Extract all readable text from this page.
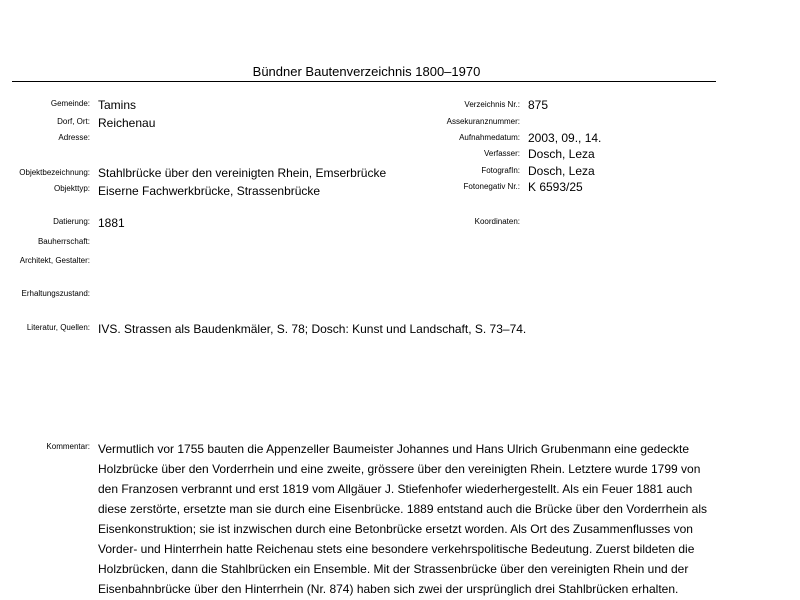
Bündner Bautenverzeichnis 1800–1970
Gemeinde:
Dorf, Ort:
Adresse:
Objektbezeichnung:
Objekttyp:
Datierung:
Bauherrschaft:
Architekt, Gestalter:
Erhaltungszustand:
Literatur, Quellen:
Kommentar:
Tamins
Reichenau
Stahlbrücke über den vereinigten Rhein, Emserbrücke
Eiserne Fachwerkbrücke, Strassenbrücke
1881
IVS. Strassen als Baudenkmäler, S. 78; Dosch: Kunst und Landschaft, S. 73–74.
Verzeichnis Nr.:
Assekuranznummer:
Aufnahmedatum:
Verfasser:
FotografIn:
Fotonegativ Nr.:
Koordinaten:
875
2003, 09., 14.
Dosch, Leza
Dosch, Leza
K 6593/25
Vermutlich vor 1755 bauten die Appenzeller Baumeister Johannes und Hans Ulrich Grubenmann eine gedeckte Holzbrücke über den Vorderrhein und eine zweite, grössere über den vereinigten Rhein. Letztere wurde 1799 von den Franzosen verbrannt und erst 1819 vom Allgäuer J. Stiefenhofer wiederhergestellt. Als ein Feuer 1881 auch diese zerstörte, ersetzte man sie durch eine Eisenbrücke. 1889 entstand auch die Brücke über den Vorderrhein als Eisenkonstruktion; sie ist inzwischen durch eine Betonbrücke ersetzt worden. Als Ort des Zusammenflusses von Vorder- und Hinterrhein hatte Reichenau stets eine besondere verkehrspolitische Bedeutung. Zuerst bildeten die Holzbrücken, dann die Stahlbrücken ein Ensemble. Mit der Strassenbrücke über den vereinigten Rhein und der Eisenbahnbrücke über den Hinterrhein (Nr. 874) haben sich zwei der ursprünglich drei Stahlbrücken erhalten.
